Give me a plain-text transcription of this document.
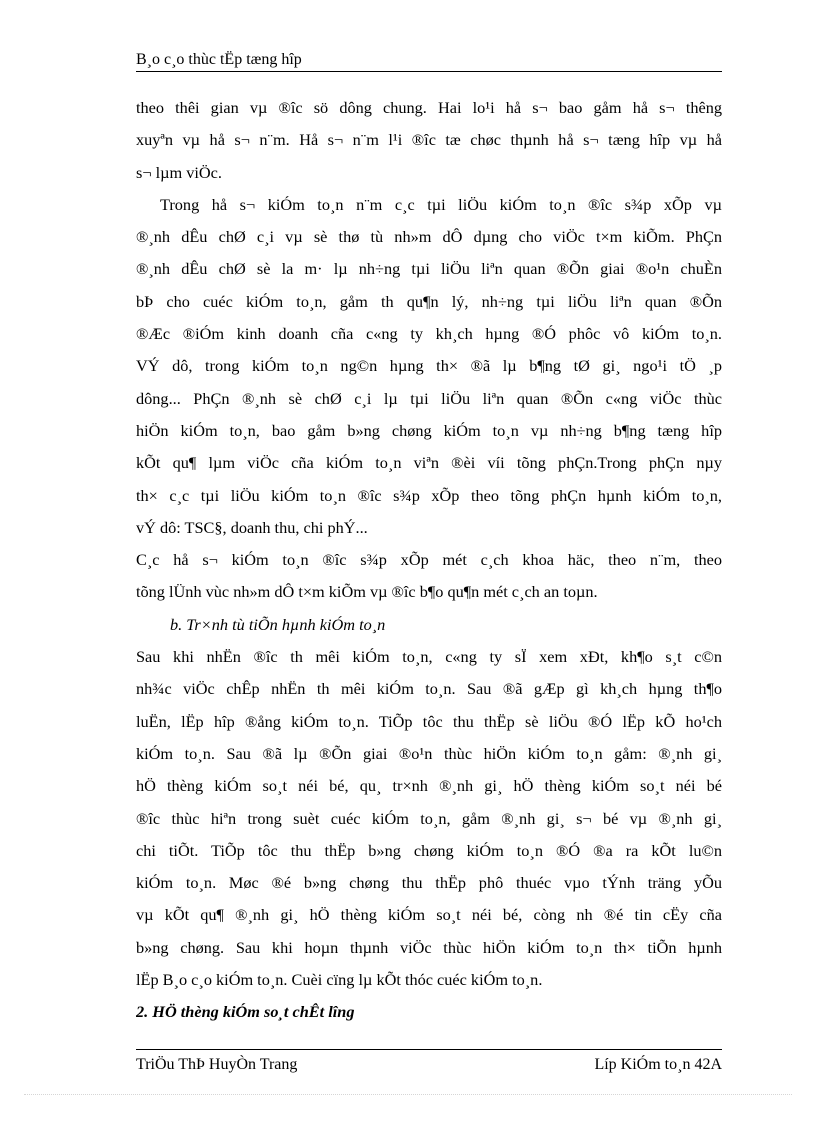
B¸o c¸o thùc tËp tæng hîp
theo thêi gian vµ ®îc sö dông chung. Hai lo¹i hå s¬ bao gåm hå s¬ thêng
xuyªn vµ hå s¬ n¨m. Hå s¬ n¨m l¹i ®îc tæ chøc thµnh hå s¬ tæng hîp vµ hå
s¬ lµm viÖc.
Trong hå s¬ kiÓm to¸n n¨m c¸c tµi liÖu kiÓm to¸n ®îc s¾p xÕp vµ
®¸nh dÊu chØ c¸i vµ sè thø tù nh»m dÔ dµng cho viÖc t×m kiÕm. PhÇn
®¸nh dÊu chØ sè la m· lµ nh÷ng tµi liÖu liªn quan ®Õn giai ®o¹n chuÈn
bÞ cho cuéc kiÓm to¸n, gåm th qu¶n lý, nh÷ng tµi liÖu liªn quan ®Õn
®Æc ®iÓm kinh doanh cña c«ng ty kh¸ch hµng ®Ó phôc vô kiÓm to¸n.
VÝ dô, trong kiÓm to¸n ng©n hµng th× ®ã lµ b¶ng tØ gi¸ ngo¹i tÖ ¸p
dông... PhÇn ®¸nh sè chØ c¸i lµ tµi liÖu liªn quan ®Õn c«ng viÖc thùc
hiÖn kiÓm to¸n, bao gåm b»ng chøng kiÓm to¸n vµ nh÷ng b¶ng tæng hîp
kÕt qu¶ lµm viÖc cña kiÓm to¸n viªn ®èi víi tõng phÇn.Trong phÇn nµy
th× c¸c tµi liÖu kiÓm to¸n ®îc s¾p xÕp theo tõng phÇn hµnh kiÓm to¸n,
vÝ dô: TSC§, doanh thu, chi phÝ...
C¸c hå s¬ kiÓm to¸n ®îc s¾p xÕp mét c¸ch khoa häc, theo n¨m, theo
tõng lÜnh vùc nh»m dÔ t×m kiÕm vµ ®îc b¶o qu¶n mét c¸ch an toµn.
b. Tr×nh tù tiÕn hµnh kiÓm to¸n
Sau khi nhËn ®îc th mêi kiÓm to¸n, c«ng ty sÏ xem xÐt, kh¶o s¸t c©n
nh¾c viÖc chÊp nhËn th mêi kiÓm to¸n. Sau ®ã gÆp gì kh¸ch hµng th¶o
luËn, lËp hîp ®ång kiÓm to¸n. TiÕp tôc thu thËp sè liÖu ®Ó lËp kÕ ho¹ch
kiÓm to¸n. Sau ®ã lµ ®Õn giai ®o¹n thùc hiÖn kiÓm to¸n gåm: ®¸nh gi¸
hÖ thèng kiÓm so¸t néi bé, qu¸ tr×nh ®¸nh gi¸ hÖ thèng kiÓm so¸t néi bé
®îc thùc hiªn trong suèt cuéc kiÓm to¸n, gåm ®¸nh gi¸ s¬ bé vµ ®¸nh gi¸
chi tiÕt. TiÕp tôc thu thËp b»ng chøng kiÓm to¸n ®Ó ®a ra kÕt lu©n
kiÓm to¸n. Møc ®é b»ng chøng thu thËp phô thuéc vµo tÝnh träng yÕu
vµ kÕt qu¶ ®¸nh gi¸ hÖ thèng kiÓm so¸t néi bé, còng nh ®é tin cËy cña
b»ng chøng. Sau khi hoµn thµnh viÖc thùc hiÖn kiÓm to¸n th× tiÕn hµnh
lËp B¸o c¸o kiÓm to¸n. Cuèi cïng lµ kÕt thóc cuéc kiÓm to¸n.
2. HÖ thèng kiÓm so¸t chÊt lîng
TriÖu ThÞ HuyÒn Trang	Líp KiÓm to¸n 42A
